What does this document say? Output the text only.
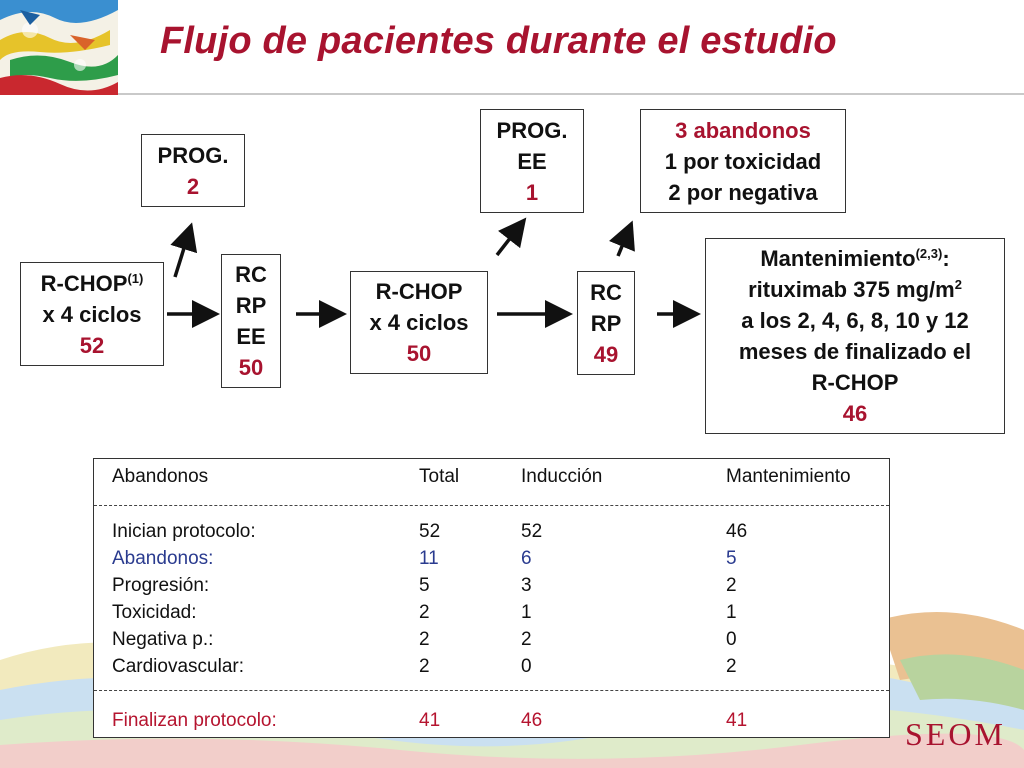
Flujo de pacientes durante el estudio
R-CHOP$^{(1)}$
x 4 ciclos
52
PROG.
2
RC
RP
EE
50
R-CHOP
x 4 ciclos
50
PROG.
EE
1
RC
RP
49
3 abandonos
1 por toxicidad
2 por negativa
Mantenimiento$^{(2,3)}$:
rituximab 375 $mg/m^2$
a los 2, 4, 6, 8, 10 y 12
meses de finalizado el
R-CHOP
46
Abandonos	Total	Inducción	Mantenimiento
Inician protocolo:	52	52	46
Abandonos:	11	6	5
Progresión:	5	3	2
Toxicidad:	2	1	1
Negativa p.:	2	2	0
Cardiovascular:	2	0	2
Finalizan protocolo:	41	46	41	SEOM
